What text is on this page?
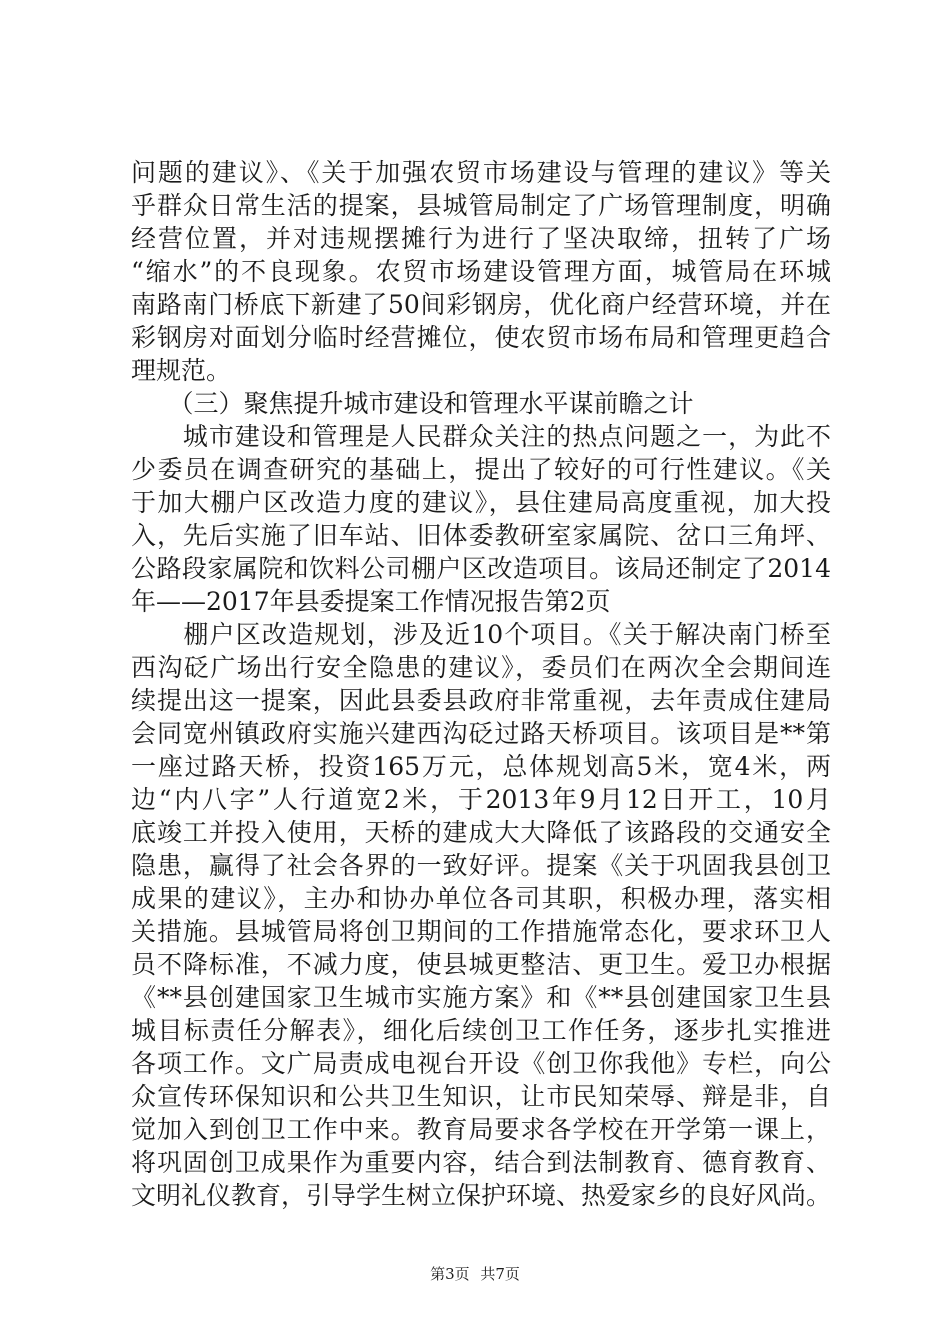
问题的建议》、《关于加强农贸市场建设与管理的建议》等关
乎群众日常生活的提案，县城管局制定了广场管理制度，明确
经营位置，并对违规摆摊行为进行了坚决取缔，扭转了广场
“缩水”的不良现象。农贸市场建设管理方面，城管局在环城
南路南门桥底下新建了50间彩钢房，优化商户经营环境，并在
彩钢房对面划分临时经营摊位，使农贸市场布局和管理更趋合
理规范。
　　（三）聚焦提升城市建设和管理水平谋前瞻之计
　　城市建设和管理是人民群众关注的热点问题之一，为此不
少委员在调查研究的基础上，提出了较好的可行性建议。《关
于加大棚户区改造力度的建议》，县住建局高度重视，加大投
入，先后实施了旧车站、旧体委教研室家属院、岔口三角坪、
公路段家属院和饮料公司棚户区改造项目。该局还制定了2014
年——2017年县委提案工作情况报告第2页
　　棚户区改造规划，涉及近10个项目。《关于解决南门桥至
西沟砭广场出行安全隐患的建议》，委员们在两次全会期间连
续提出这一提案，因此县委县政府非常重视，去年责成住建局
会同宽州镇政府实施兴建西沟砭过路天桥项目。该项目是**第
一座过路天桥，投资165万元，总体规划高5米，宽4米，两
边“内八字”人行道宽2米，于2013年9月12日开工，10月
底竣工并投入使用，天桥的建成大大降低了该路段的交通安全
隐患，赢得了社会各界的一致好评。提案《关于巩固我县创卫
成果的建议》，主办和协办单位各司其职，积极办理，落实相
关措施。县城管局将创卫期间的工作措施常态化，要求环卫人
员不降标准，不减力度，使县城更整洁、更卫生。爱卫办根据
《**县创建国家卫生城市实施方案》和《**县创建国家卫生县
城目标责任分解表》，细化后续创卫工作任务，逐步扎实推进
各项工作。文广局责成电视台开设《创卫你我他》专栏，向公
众宣传环保知识和公共卫生知识，让市民知荣辱、辩是非，自
觉加入到创卫工作中来。教育局要求各学校在开学第一课上，
将巩固创卫成果作为重要内容，结合到法制教育、德育教育、
文明礼仪教育，引导学生树立保护环境、热爱家乡的良好风尚。
第3页 共7页
